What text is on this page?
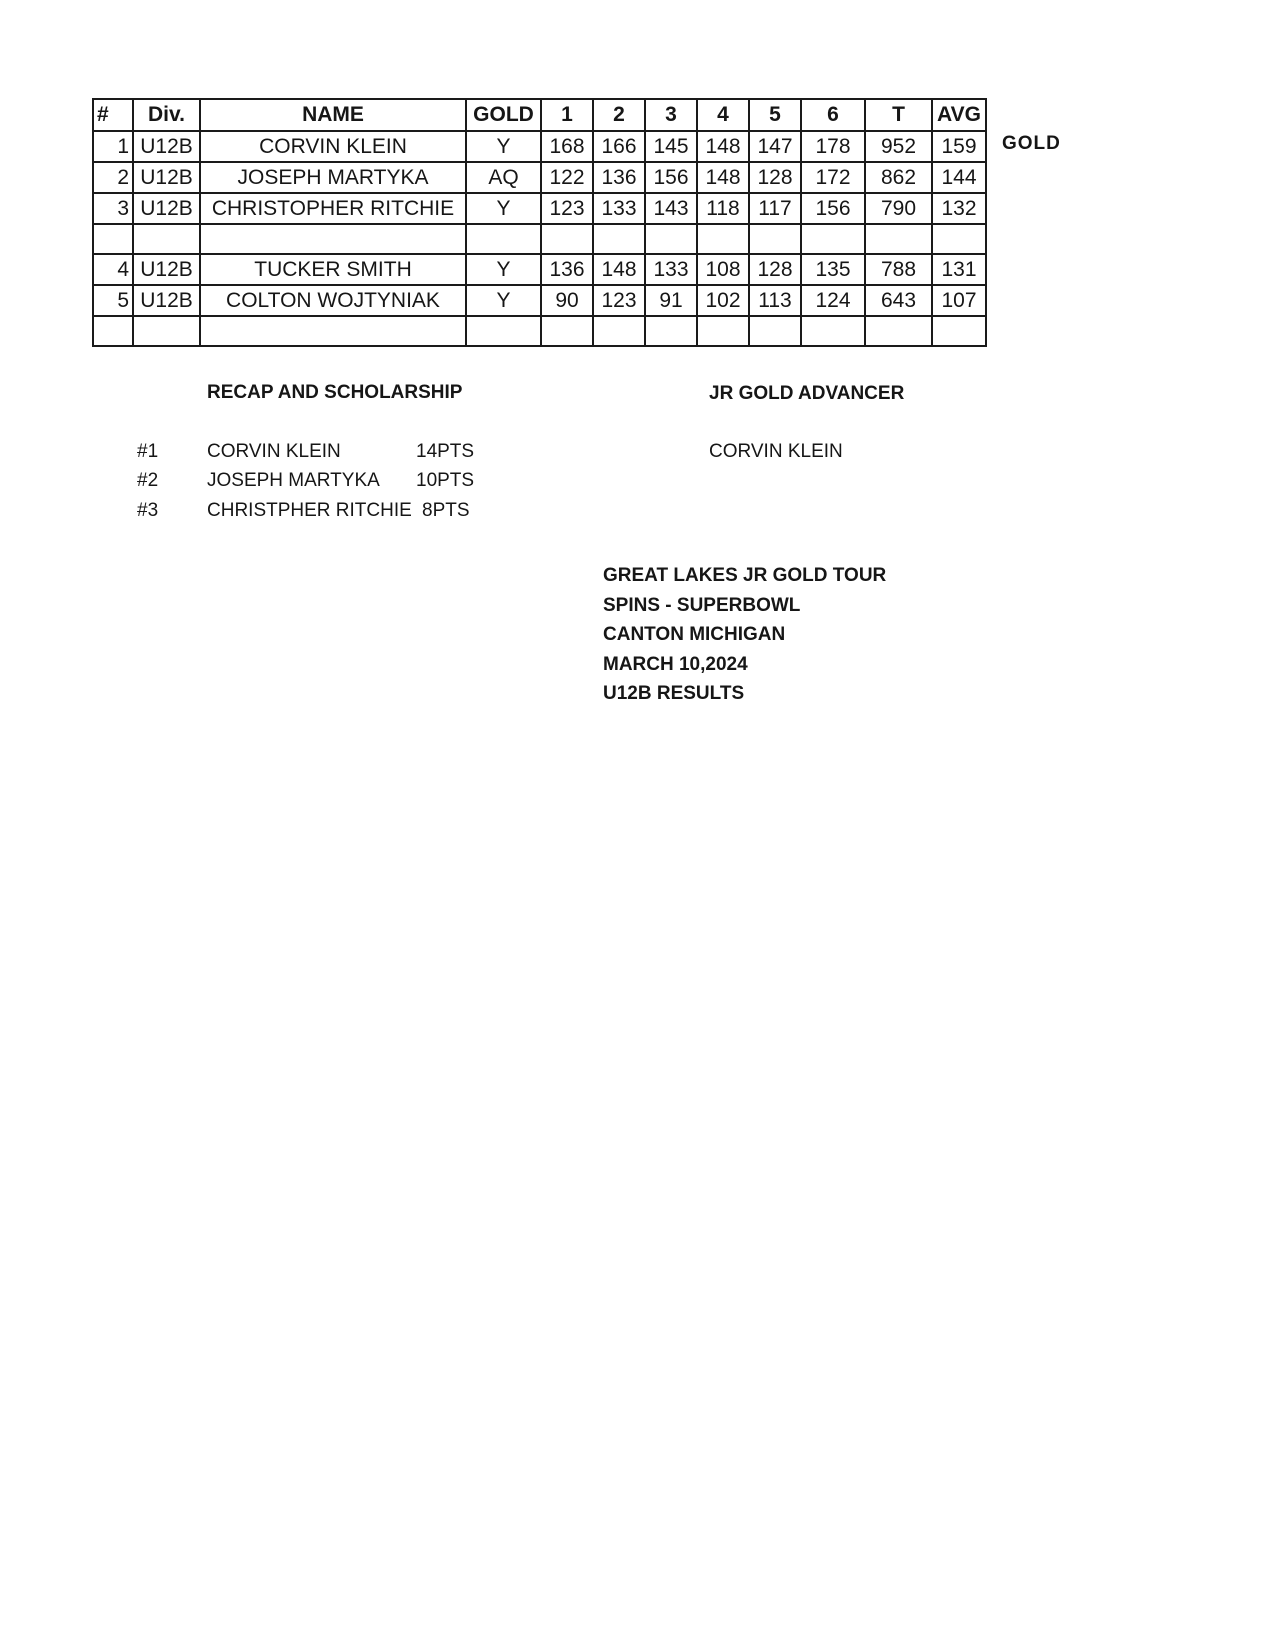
#	Div.	NAME	GOLD	1	2	3	4	5	6	T	AVG
1	U12B	CORVIN KLEIN	Y	168	166	145	148	147	178	952	159
2	U12B	JOSEPH MARTYKA	AQ	122	136	156	148	128	172	862	144
3	U12B	CHRISTOPHER RITCHIE	Y	123	133	143	118	117	156	790	132

4	U12B	TUCKER SMITH	Y	136	148	133	108	128	135	788	131
5	U12B	COLTON WOJTYNIAK	Y	90	123	91	102	113	124	643	107

GOLD
RECAP AND SCHOLARSHIP	JR GOLD ADVANCER
#1	CORVIN KLEIN	14PTS
#2	JOSEPH MARTYKA 10PTS
#3	CHRISTPHER RITCHIE 8PTS
CORVIN KLEIN
GREAT LAKES JR GOLD TOUR
SPINS - SUPERBOWL
CANTON MICHIGAN
MARCH 10,2024
U12B RESULTS
